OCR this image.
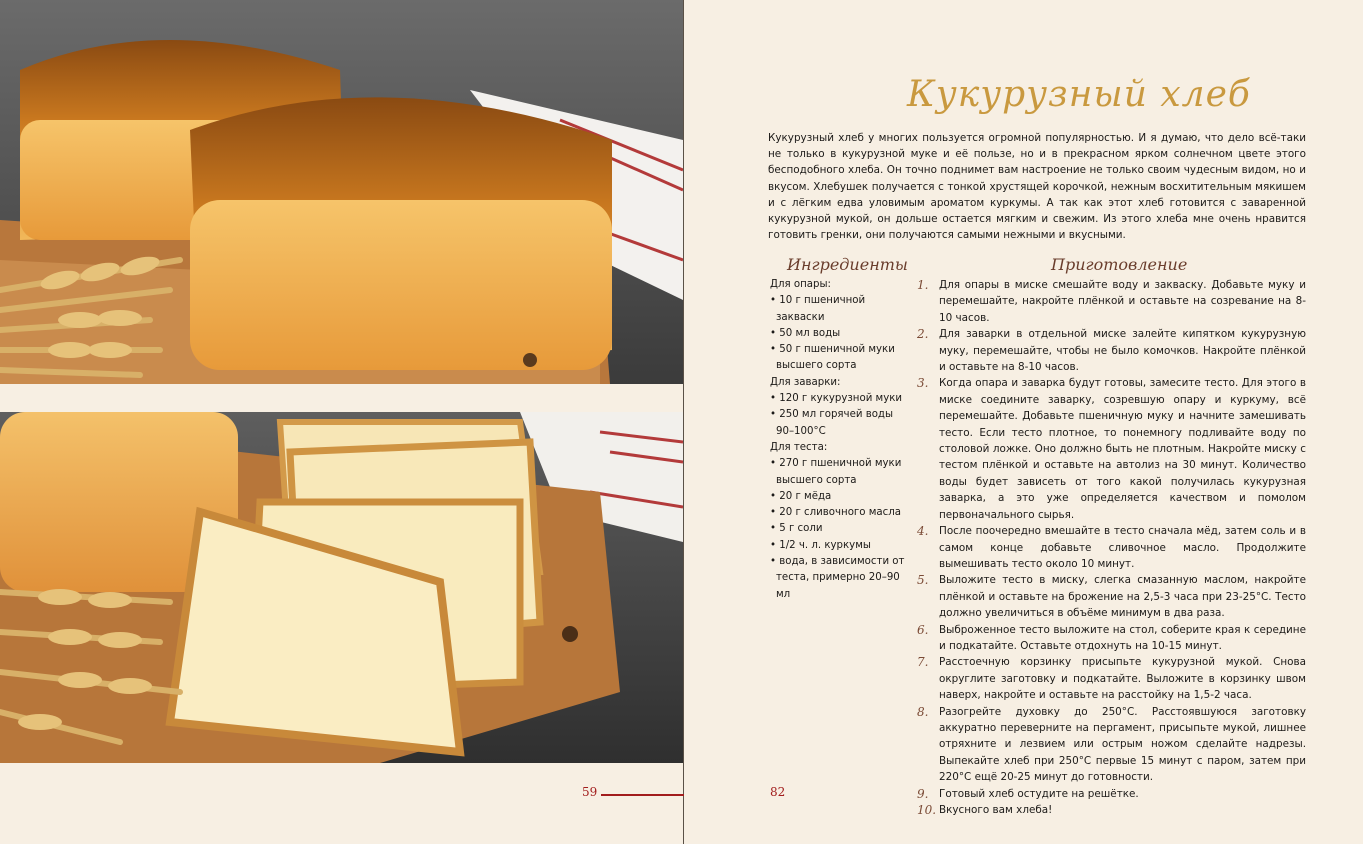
59
Кукурузный хлеб

Кукурузный хлеб у многих пользуется огромной популярностью. И я думаю, что дело всё-таки не только в кукурузной муке и её пользе, но и в прекрасном ярком солнечном цвете этого бесподобного хлеба. Он точно поднимет вам настроение не только своим чудесным видом, но и вкусом. Хлебушек получается с тонкой хрустящей корочкой, нежным восхитительным мякишем и с лёгким едва уловимым ароматом куркумы. А так как этот хлеб готовится с заваренной кукурузной мукой, он дольше остается мягким и свежим. Из этого хлеба мне очень нравится готовить гренки, они получаются самыми нежными и вкусными.

Ингредиенты	Приготовление
Для опары:
• 10 г пшеничной закваски
• 50 мл воды
• 50 г пшеничной муки высшего сорта
Для заварки:
• 120 г кукурузной муки
• 250 мл горячей воды 90–100°С
Для теста:
• 270 г пшеничной муки высшего сорта
• 20 г мёда
• 20 г сливочного масла
• 5 г соли
• 1/2 ч. л. куркумы
• вода, в зависимости от теста, примерно 20–90 мл
1. Для опары в миске смешайте воду и закваску. Добавьте муку и перемешайте, накройте плёнкой и оставьте на созревание на 8-10 часов.
2. Для заварки в отдельной миске залейте кипятком кукурузную муку, перемешайте, чтобы не было комочков. Накройте плёнкой и оставьте на 8-10 часов.
3. Когда опара и заварка будут готовы, замесите тесто. Для этого в миске соедините заварку, созревшую опару и куркуму, всё перемешайте. Добавьте пшеничную муку и начните замешивать тесто. Если тесто плотное, то понемногу подливайте воду по столовой ложке. Оно должно быть не плотным. Накройте миску с тестом плёнкой и оставьте на автолиз на 30 минут. Количество воды будет зависеть от того какой получилась кукурузная заварка, а это уже определяется качеством и помолом первоначального сырья.
4. После поочередно вмешайте в тесто сначала мёд, затем соль и в самом конце добавьте сливочное масло. Продолжите вымешивать тесто около 10 минут.
5. Выложите тесто в миску, слегка смазанную маслом, накройте плёнкой и оставьте на брожение на 2,5-3 часа при 23-25°С. Тесто должно увеличиться в объёме минимум в два раза.
6. Выброженное тесто выложите на стол, соберите края к середине и подкатайте. Оставьте отдохнуть на 10-15 минут.
7. Расстоечную корзинку присыпьте кукурузной мукой. Снова округлите заготовку и подкатайте. Выложите в корзинку швом наверх, накройте и оставьте на расстойку на 1,5-2 часа.
8. Разогрейте духовку до 250°С. Расстоявшуюся заготовку аккуратно переверните на пергамент, присыпьте мукой, лишнее отряхните и лезвием или острым ножом сделайте надрезы. Выпекайте хлеб при 250°С первые 15 минут с паром, затем при 220°С ещё 20-25 минут до готовности.
9. Готовый хлеб остудите на решётке.
10. Вкусного вам хлеба!
82
